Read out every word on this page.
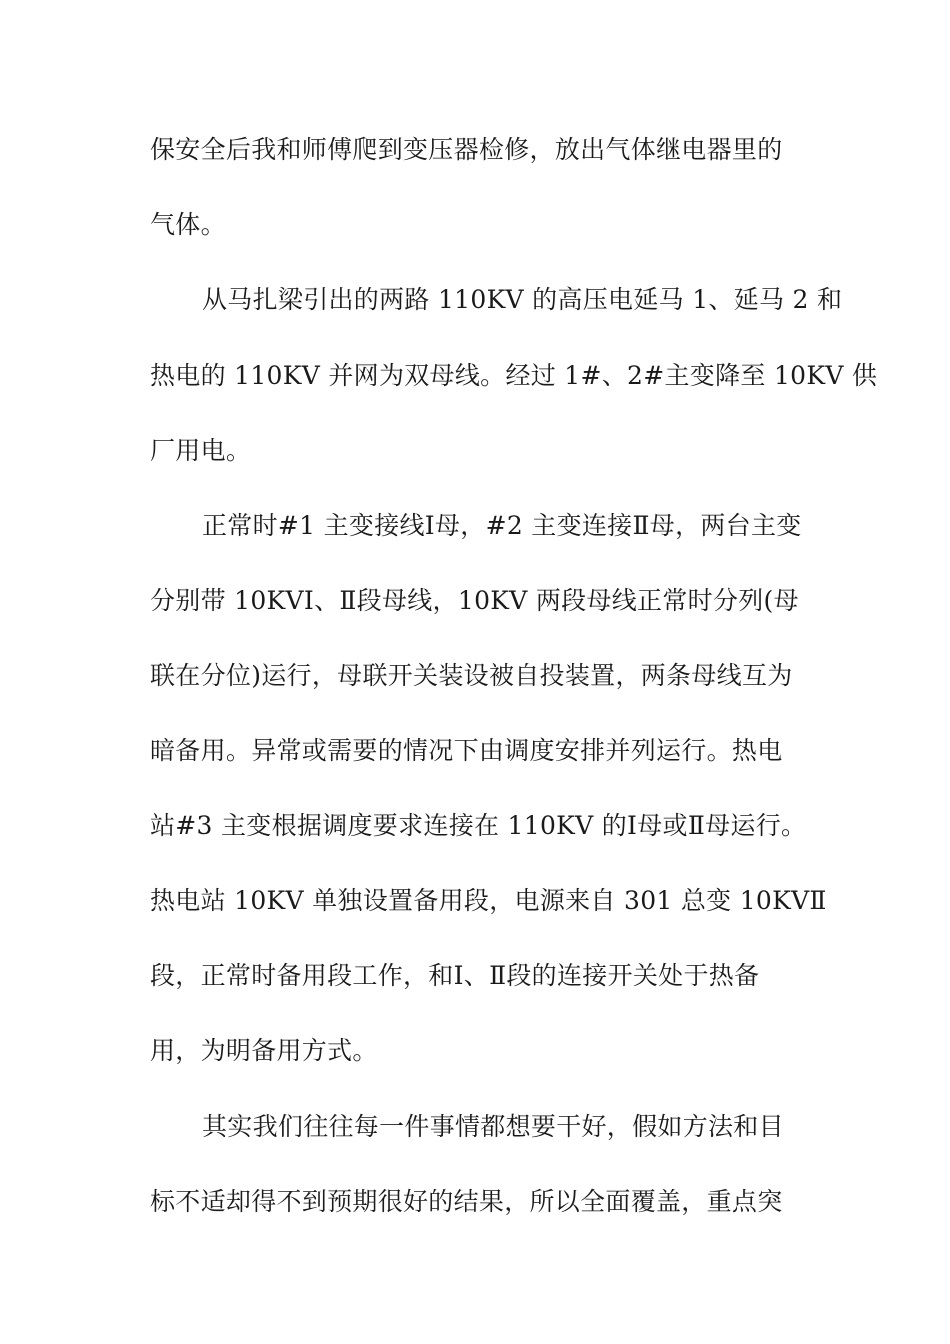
保安全后我和师傅爬到变压器检修，放出气体继电器里的
气体。
从马扎梁引出的两路 110KV 的高压电延马 1、延马 2 和
热电的 110KV 并网为双母线。经过 1#、2#主变降至 10KV 供
厂用电。
正常时#1 主变接线Ⅰ母，#2 主变连接Ⅱ母，两台主变
分别带 10KVⅠ、Ⅱ段母线，10KV 两段母线正常时分列(母
联在分位)运行，母联开关装设被自投装置，两条母线互为
暗备用。异常或需要的情况下由调度安排并列运行。热电
站#3 主变根据调度要求连接在 110KV 的Ⅰ母或Ⅱ母运行。
热电站 10KV 单独设置备用段，电源来自 301 总变 10KVⅡ
段，正常时备用段工作，和Ⅰ、Ⅱ段的连接开关处于热备
用，为明备用方式。
其实我们往往每一件事情都想要干好，假如方法和目
标不适却得不到预期很好的结果，所以全面覆盖，重点突
